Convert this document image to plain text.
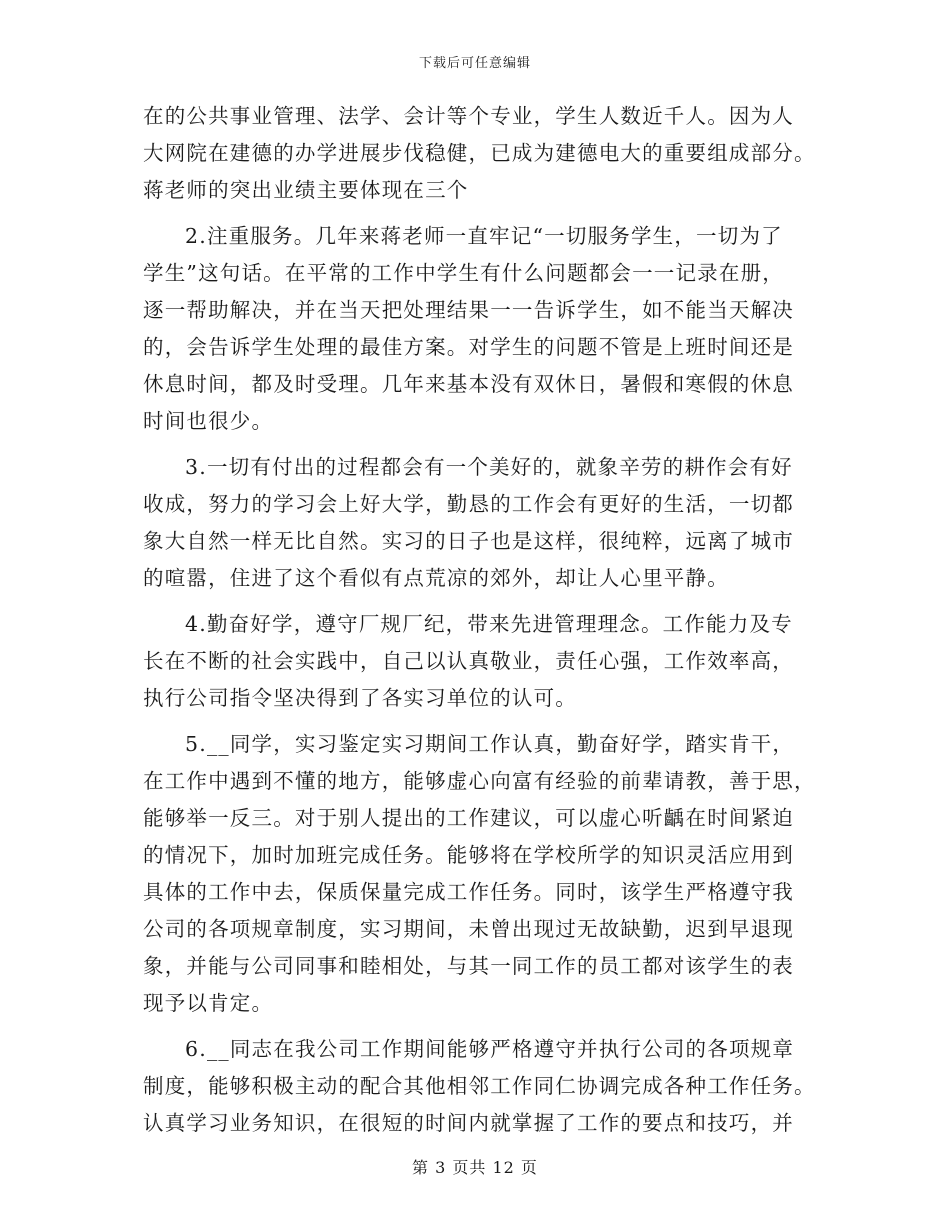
下载后可任意编辑

在的公共事业管理、法学、会计等个专业，学生人数近千人。因为人
大网院在建德的办学进展步伐稳健，已成为建德电大的重要组成部分。
蒋老师的突出业绩主要体现在三个

2.注重服务。几年来蒋老师一直牢记“一切服务学生，一切为了
学生”这句话。在平常的工作中学生有什么问题都会一一记录在册，
逐一帮助解决，并在当天把处理结果一一告诉学生，如不能当天解决
的，会告诉学生处理的最佳方案。对学生的问题不管是上班时间还是
休息时间，都及时受理。几年来基本没有双休日，暑假和寒假的休息
时间也很少。

3.一切有付出的过程都会有一个美好的，就象辛劳的耕作会有好
收成，努力的学习会上好大学，勤恳的工作会有更好的生活，一切都
象大自然一样无比自然。实习的日子也是这样，很纯粹，远离了城市
的喧嚣，住进了这个看似有点荒凉的郊外，却让人心里平静。

4.勤奋好学，遵守厂规厂纪，带来先进管理理念。工作能力及专
长在不断的社会实践中，自己以认真敬业，责任心强，工作效率高，
执行公司指令坚决得到了各实习单位的认可。

5.__同学，实习鉴定实习期间工作认真，勤奋好学，踏实肯干，
在工作中遇到不懂的地方，能够虚心向富有经验的前辈请教，善于思，
能够举一反三。对于别人提出的工作建议，可以虚心听齲在时间紧迫
的情况下，加时加班完成任务。能够将在学校所学的知识灵活应用到
具体的工作中去，保质保量完成工作任务。同时，该学生严格遵守我
公司的各项规章制度，实习期间，未曾出现过无故缺勤，迟到早退现
象，并能与公司同事和睦相处，与其一同工作的员工都对该学生的表
现予以肯定。

6.__同志在我公司工作期间能够严格遵守并执行公司的各项规章
制度，能够积极主动的配合其他相邻工作同仁协调完成各种工作任务。
认真学习业务知识，在很短的时间内就掌握了工作的要点和技巧，并

第 3 页共 12 页
